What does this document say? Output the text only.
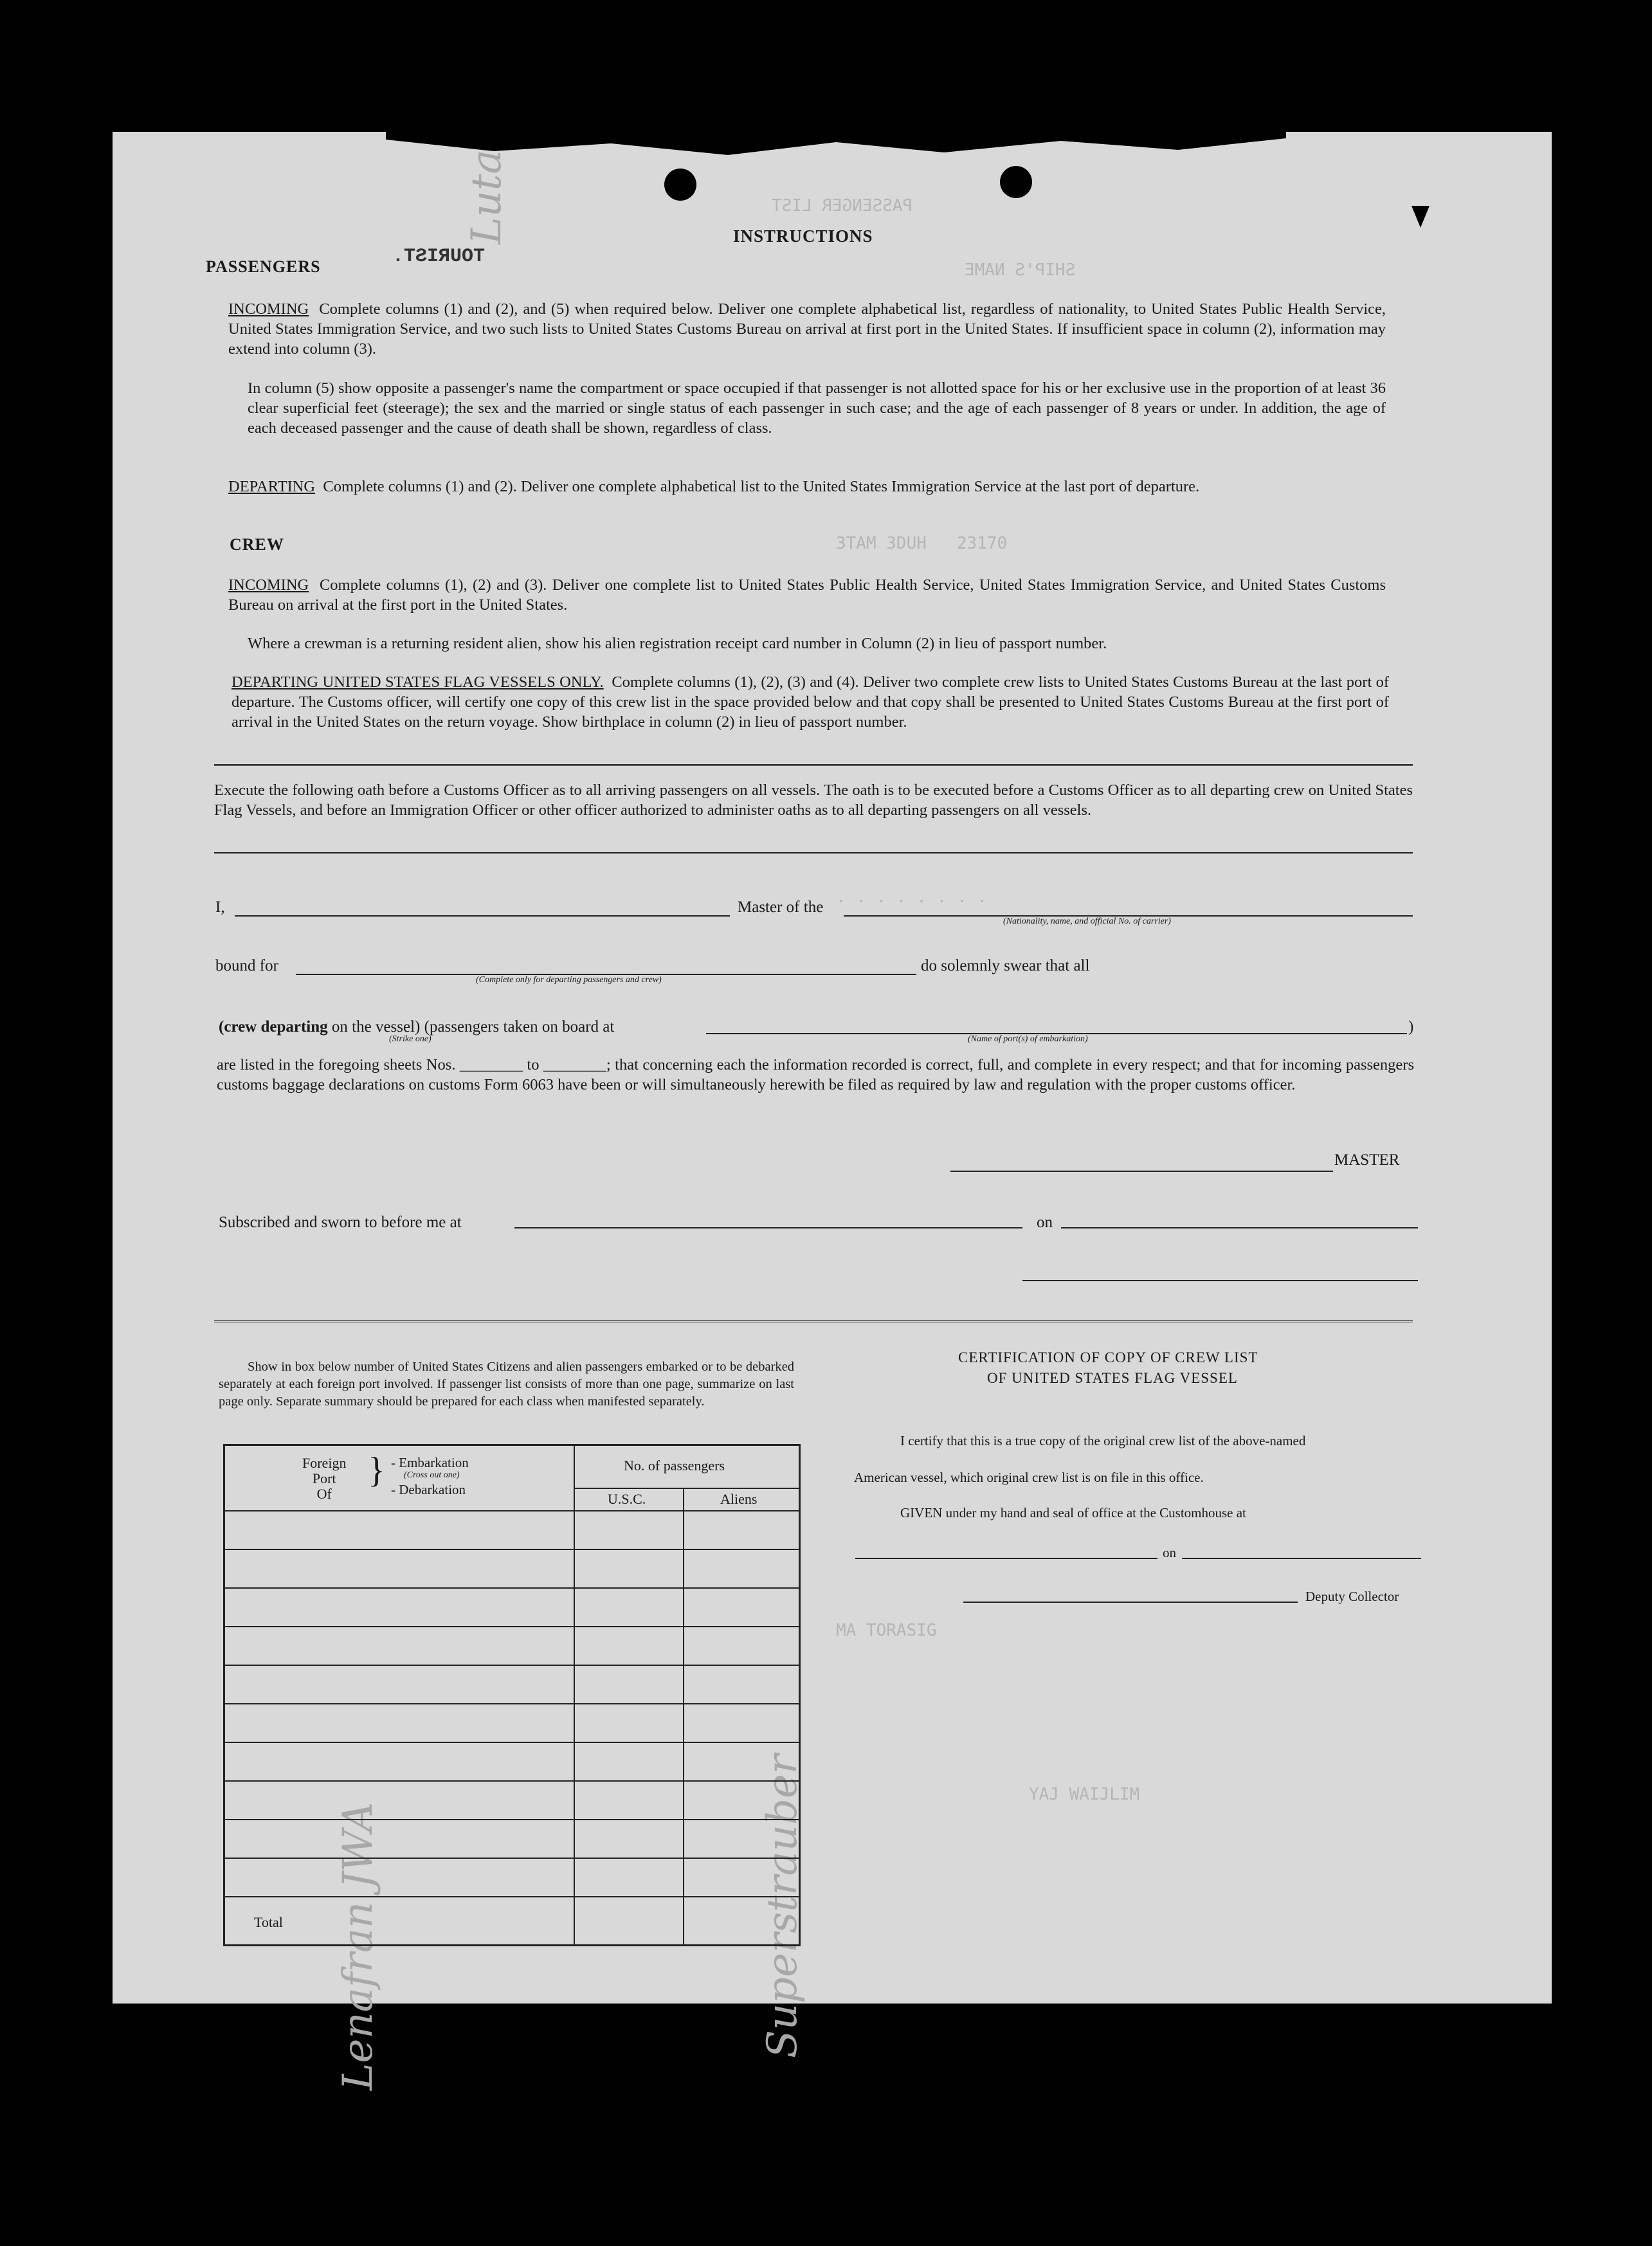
SHIP'S NAME
PASSENGER LIST
3TAM 3DUH   23170
. . . . . . . .
MA TORASIG
YAJ WAIJLIM
Luta
Superstrauber
Lenafran JWA
INSTRUCTIONS
PASSENGERS	TOURIST.
INCOMING Complete columns (1) and (2), and (5) when required below. Deliver one complete alphabetical list, regardless of nationality, to United States Public Health Service, United States Immigration Service, and two such lists to United States Customs Bureau on arrival at first port in the United States. If insufficient space in column (2), information may extend into column (3).
In column (5) show opposite a passenger's name the compartment or space occupied if that passenger is not allotted space for his or her exclusive use in the proportion of at least 36 clear superficial feet (steerage); the sex and the married or single status of each passenger in such case; and the age of each passenger of 8 years or under. In addition, the age of each deceased passenger and the cause of death shall be shown, regardless of class.
DEPARTING Complete columns (1) and (2). Deliver one complete alphabetical list to the United States Immigration Service at the last port of departure.
CREW
INCOMING Complete columns (1), (2) and (3). Deliver one complete list to United States Public Health Service, United States Immigration Service, and United States Customs Bureau on arrival at the first port in the United States.
Where a crewman is a returning resident alien, show his alien registration receipt card number in Column (2) in lieu of passport number.
DEPARTING UNITED STATES FLAG VESSELS ONLY. Complete columns (1), (2), (3) and (4). Deliver two complete crew lists to United States Customs Bureau at the last port of departure. The Customs officer, will certify one copy of this crew list in the space provided below and that copy shall be presented to United States Customs Bureau at the first port of arrival in the United States on the return voyage. Show birthplace in column (2) in lieu of passport number.
Execute the following oath before a Customs Officer as to all arriving passengers on all vessels. The oath is to be executed before a Customs Officer as to all departing crew on United States Flag Vessels, and before an Immigration Officer or other officer authorized to administer oaths as to all departing passengers on all vessels.
I,	Master of the
(Nationality, name, and official No. of carrier)
bound for
(Complete only for departing passengers and crew)
do solemnly swear that all
(crew departing on the vessel) (passengers taken on board at	)
(Strike one)	(Name of port(s) of embarkation)
are listed in the foregoing sheets Nos. ________ to ________; that concerning each the information recorded is correct, full, and complete in every respect; and that for incoming passengers customs baggage declarations on customs Form 6063 have been or will simultaneously herewith be filed as required by law and regulation with the proper customs officer.
MASTER
Subscribed and sworn to before me at	on
Show in box below number of United States Citizens and alien passengers embarked or to be debarked separately at each foreign port involved. If passenger list consists of more than one page, summarize on last page only. Separate summary should be prepared for each class when manifested separately.
Foreign
Port
Of
} - Embarkation
(Cross out one)
- Debarkation
No. of passengers
U.S.C.	Aliens
Total
CERTIFICATION OF COPY OF CREW LIST
OF UNITED STATES FLAG VESSEL
I certify that this is a true copy of the original crew list of the above-named
American vessel, which original crew list is on file in this office.
GIVEN under my hand and seal of office at the Customhouse at
on
Deputy Collector
